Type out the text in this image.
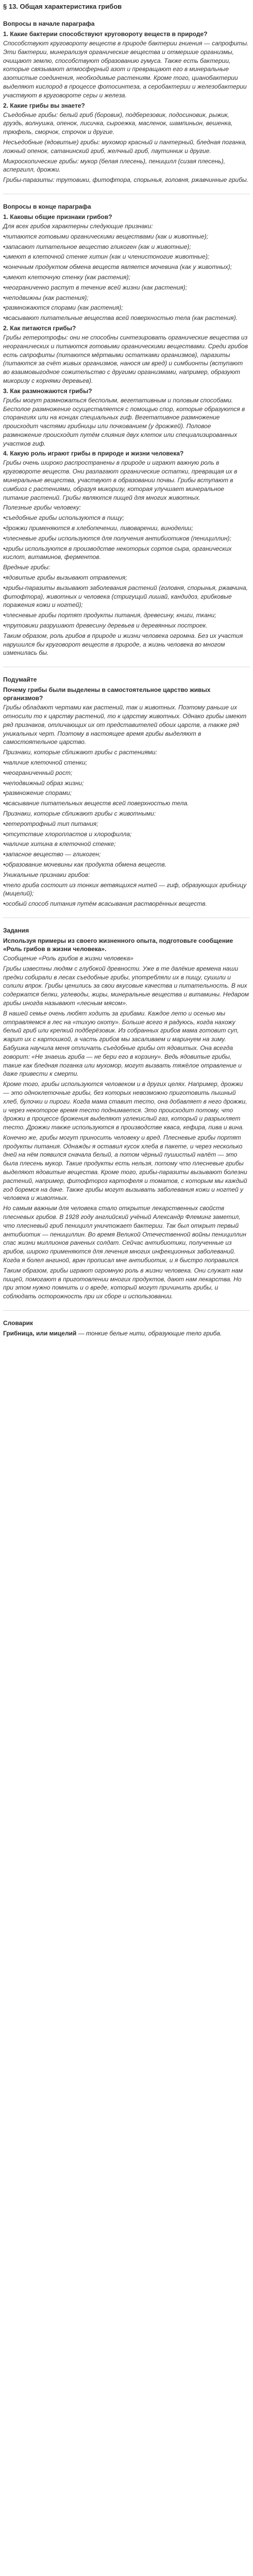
§ 13. Общая характеристика грибов
Вопросы в начале параграфа
1. Какие бактерии способствуют круговороту веществ в природе?

Способствуют круговороту веществ в природе бактерии гниения — сапрофиты. Эти бактерии, минерализуя органические вещества и отмершие организмы, очищают землю, способствуют образованию гумуса. Также есть бактерии, которые связывают атмосферный азот и превращают его в минеральные азотистые соединения, необходимые растениям. Кроме того, цианобактерии выделяют кислород в процессе фотосинтеза, а серобактерии и железобактерии участвуют в круговороте серы и железа.

2. Какие грибы вы знаете?

Съедобные грибы: белый гриб (боровик), подберезовик, подосиновик, рыжик, груздь, волнушка, опенок, лисичка, сыроежка, масленок, шампиньон, вешенка, трюфель, сморчок, строчок и другие.

Несъедобные (ядовитые) грибы: мухомор красный и пантерный, бледная поганка, ложный опенок, сатанинский гриб, желчный гриб, паутинник и другие.

Микроскопические грибы: мукор (белая плесень), пеницилл (сизая плесень), аспергилл, дрожжи.

Грибы-паразиты: трутовики, фитофтора, спорынья, головня, ржавчинные грибы.

Вопросы в конце параграфа
1. Каковы общие признаки грибов?

Для всех грибов характерны следующие признаки:

•питаются готовыми органическими веществами (как и животные);

•запасают питательное вещество гликоген (как и животные);

•имеют в клеточной стенке хитин (как и членистоногие животные);

•конечным продуктом обмена веществ является мочевина (как у животных);

•имеют клеточную стенку (как растения);

•неограниченно растут в течение всей жизни (как растения);

•неподвижны (как растения);

•размножаются спорами (как растения);

•всасывают питательные вещества всей поверхностью тела (как растения).

2. Как питаются грибы?

Грибы гетеротрофы: они не способны синтезировать органические вещества из неорганических и питаются готовыми органическими веществами. Среди грибов есть сапрофиты (питаются мёртвыми остатками организмов), паразиты (питаются за счёт живых организмов, нанося им вред) и симбионты (вступают во взаимовыгодное сожительство с другими организмами, например, образуют микоризу с корнями деревьев).

3. Как размножаются грибы?

Грибы могут размножаться бесполым, вегетативным и половым способами. Бесполое размножение осуществляется с помощью спор, которые образуются в спорангиях или на концах специальных гиф. Вегетативное размножение происходит частями грибницы или почкованием (у дрожжей). Половое размножение происходит путём слияния двух клеток или специализированных участков гиф.

4. Какую роль играют грибы в природе и жизни человека?

Грибы очень широко распространены в природе и играют важную роль в круговороте веществ. Они разлагают органические остатки, превращая их в минеральные вещества, участвуют в образовании почвы. Грибы вступают в симбиоз с растениями, образуя микоризу, которая улучшает минеральное питание растений. Грибы являются пищей для многих животных.

Полезные грибы человеку:

•съедобные грибы используются в пищу;

•дрожжи применяются в хлебопечении, пивоварении, виноделии;

•плесневые грибы используются для получения антибиотиков (пенициллин);

•грибы используются в производстве некоторых сортов сыра, органических кислот, витаминов, ферментов.

Вредные грибы:

•ядовитые грибы вызывают отравления;

•грибы-паразиты вызывают заболевания растений (головня, спорынья, ржавчина, фитофтора), животных и человека (стригущий лишай, кандидоз, грибковые поражения кожи и ногтей);

•плесневые грибы портят продукты питания, древесину, книги, ткани;

•трутовики разрушают древесину деревьев и деревянных построек.

Таким образом, роль грибов в природе и жизни человека огромна. Без их участия нарушился бы круговорот веществ в природе, а жизнь человека во многом изменилась бы.

Подумайте
Почему грибы были выделены в самостоятельное царство живых организмов?

Грибы обладают чертами как растений, так и животных. Поэтому раньше их относили то к царству растений, то к царству животных. Однако грибы имеют ряд признаков, отличающих их от представителей обоих царств, а также ряд уникальных черт. Поэтому в настоящее время грибы выделяют в самостоятельное царство.

Признаки, которые сближают грибы с растениями:

•наличие клеточной стенки;

•неограниченный рост;

•неподвижный образ жизни;

•размножение спорами;

•всасывание питательных веществ всей поверхностью тела.

Признаки, которые сближают грибы с животными:

•гетеротрофный тип питания;

•отсутствие хлоропластов и хлорофилла;

•наличие хитина в клеточной стенке;

•запасное вещество — гликоген;

•образование мочевины как продукта обмена веществ.

Уникальные признаки грибов:

•тело гриба состоит из тонких ветвящихся нитей — гиф, образующих грибницу (мицелий);

•особый способ питания путём всасывания растворённых веществ.

Задания
Используя примеры из своего жизненного опыта, подготовьте сообщение «Роль грибов в жизни человека».

Сообщение «Роль грибов в жизни человека»

Грибы известны людям с глубокой древности. Уже в те далёкие времена наши предки собирали в лесах съедобные грибы, употребляли их в пищу, сушили и солили впрок. Грибы ценились за свои вкусовые качества и питательность. В них содержатся белки, углеводы, жиры, минеральные вещества и витамины. Недаром грибы иногда называют «лесным мясом».

В нашей семье очень любят ходить за грибами. Каждое лето и осенью мы отправляемся в лес на «тихую охоту». Больше всего я радуюсь, когда нахожу белый гриб или крепкий подберёзовик. Из собранных грибов мама готовит суп, жарит их с картошкой, а часть грибов мы засаливаем и маринуем на зиму. Бабушка научила меня отличать съедобные грибы от ядовитых. Она всегда говорит: «Не знаешь гриба — не бери его в корзину». Ведь ядовитые грибы, такие как бледная поганка или мухомор, могут вызвать тяжёлое отравление и даже привести к смерти.

Кроме того, грибы используются человеком и в других целях. Например, дрожжи — это одноклеточные грибы, без которых невозможно приготовить пышный хлеб, булочки и пироги. Когда мама ставит тесто, она добавляет в него дрожжи, и через некоторое время тесто поднимается. Это происходит потому, что дрожжи в процессе брожения выделяют углекислый газ, который и разрыхляет тесто. Дрожжи также используются в производстве кваса, кефира, пива и вина.

Конечно же, грибы могут приносить человеку и вред. Плесневые грибы портят продукты питания. Однажды я оставил кусок хлеба в пакете, и через несколько дней на нём появился сначала белый, а потом чёрный пушистый налёт — это была плесень мукор. Такие продукты есть нельзя, потому что плесневые грибы выделяют ядовитые вещества. Кроме того, грибы-паразиты вызывают болезни растений, например, фитофтороз картофеля и томатов, с которым мы каждый год боремся на даче. Также грибы могут вызывать заболевания кожи и ногтей у человека и животных.

Но самым важным для человека стало открытие лекарственных свойств плесневых грибов. В 1928 году английский учёный Александр Флеминг заметил, что плесневый гриб пеницилл уничтожает бактерии. Так был открыт первый антибиотик — пенициллин. Во время Великой Отечественной войны пенициллин спас жизни миллионов раненых солдат. Сейчас антибиотики, полученные из грибов, широко применяются для лечения многих инфекционных заболеваний. Когда я болел ангиной, врач прописал мне антибиотик, и я быстро поправился.

Таким образом, грибы играют огромную роль в жизни человека. Они служат нам пищей, помогают в приготовлении многих продуктов, дают нам лекарства. Но при этом нужно помнить и о вреде, который могут причинить грибы, и соблюдать осторожность при их сборе и использовании.

Словарик

Грибница, или мицелий — тонкие белые нити, образующие тело гриба.
